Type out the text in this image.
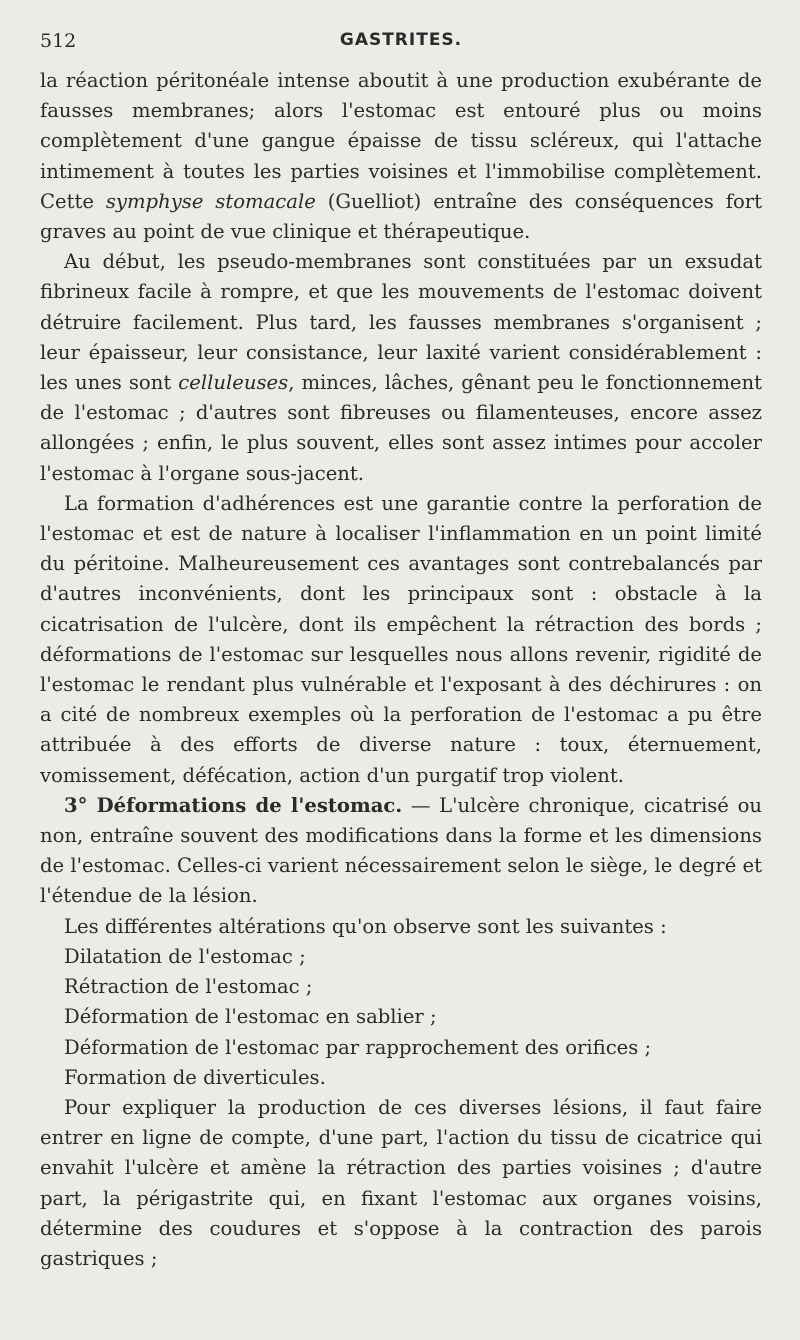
512	GASTRITES.

la réaction péritonéale intense aboutit à une production exubérante de fausses membranes; alors l'estomac est entouré plus ou moins complètement d'une gangue épaisse de tissu scléreux, qui l'attache intimement à toutes les parties voisines et l'immobilise complètement. Cette symphyse stomacale (Guelliot) entraîne des conséquences fort graves au point de vue clinique et thérapeutique.

Au début, les pseudo-membranes sont constituées par un exsudat fibrineux facile à rompre, et que les mouvements de l'estomac doivent détruire facilement. Plus tard, les fausses membranes s'organisent ; leur épaisseur, leur consistance, leur laxité varient considérablement : les unes sont celluleuses, minces, lâches, gênant peu le fonctionnement de l'estomac ; d'autres sont fibreuses ou filamenteuses, encore assez allongées ; enfin, le plus souvent, elles sont assez intimes pour accoler l'estomac à l'organe sous-jacent.

La formation d'adhérences est une garantie contre la perforation de l'estomac et est de nature à localiser l'inflammation en un point limité du péritoine. Malheureusement ces avantages sont contrebalancés par d'autres inconvénients, dont les principaux sont : obstacle à la cicatrisation de l'ulcère, dont ils empêchent la rétraction des bords ; déformations de l'estomac sur lesquelles nous allons revenir, rigidité de l'estomac le rendant plus vulnérable et l'exposant à des déchirures : on a cité de nombreux exemples où la perforation de l'estomac a pu être attribuée à des efforts de diverse nature : toux, éternuement, vomissement, défécation, action d'un purgatif trop violent.

3° Déformations de l'estomac. — L'ulcère chronique, cicatrisé ou non, entraîne souvent des modifications dans la forme et les dimensions de l'estomac. Celles-ci varient nécessairement selon le siège, le degré et l'étendue de la lésion.

Les différentes altérations qu'on observe sont les suivantes :

Dilatation de l'estomac ;

Rétraction de l'estomac ;

Déformation de l'estomac en sablier ;

Déformation de l'estomac par rapprochement des orifices ;

Formation de diverticules.

Pour expliquer la production de ces diverses lésions, il faut faire entrer en ligne de compte, d'une part, l'action du tissu de cicatrice qui envahit l'ulcère et amène la rétraction des parties voisines ; d'autre part, la périgastrite qui, en fixant l'estomac aux organes voisins, détermine des coudures et s'oppose à la contraction des parois gastriques ;
